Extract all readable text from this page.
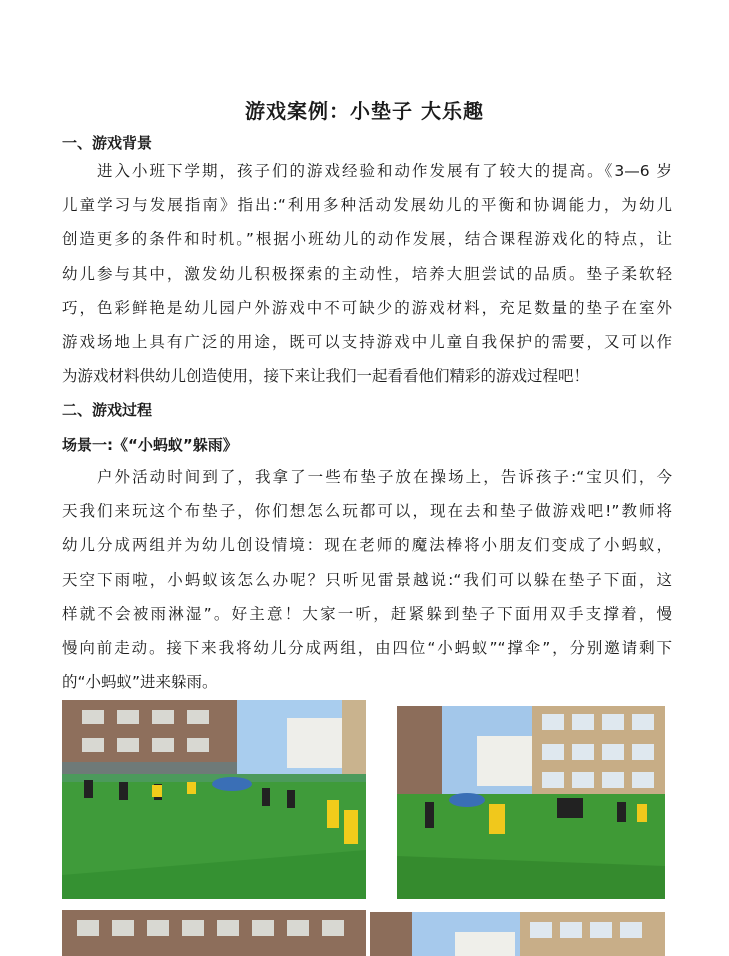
游戏案例：小垫子 大乐趣
一、游戏背景
进入小班下学期，孩子们的游戏经验和动作发展有了较大的提高。《3—6 岁
儿童学习与发展指南》指出:“利用多种活动发展幼儿的平衡和协调能力，为幼儿
创造更多的条件和时机。”根据小班幼儿的动作发展，结合课程游戏化的特点，让
幼儿参与其中，激发幼儿积极探索的主动性，培养大胆尝试的品质。垫子柔软轻
巧，色彩鲜艳是幼儿园户外游戏中不可缺少的游戏材料，充足数量的垫子在室外
游戏场地上具有广泛的用途，既可以支持游戏中儿童自我保护的需要，又可以作
为游戏材料供幼儿创造使用，接下来让我们一起看看他们精彩的游戏过程吧！
二、游戏过程
场景一:《“小蚂蚁”躲雨》
户外活动时间到了，我拿了一些布垫子放在操场上，告诉孩子:“宝贝们，今
天我们来玩这个布垫子，你们想怎么玩都可以，现在去和垫子做游戏吧!”教师将
幼儿分成两组并为幼儿创设情境：现在老师的魔法棒将小朋友们变成了小蚂蚁，
天空下雨啦，小蚂蚁该怎么办呢？只听见雷景越说:“我们可以躲在垫子下面，这
样就不会被雨淋湿”。好主意！大家一听，赶紧躲到垫子下面用双手支撑着，慢
慢向前走动。接下来我将幼儿分成两组，由四位“小蚂蚁”“撑伞”，分别邀请剩下
的“小蚂蚁”进来躲雨。
